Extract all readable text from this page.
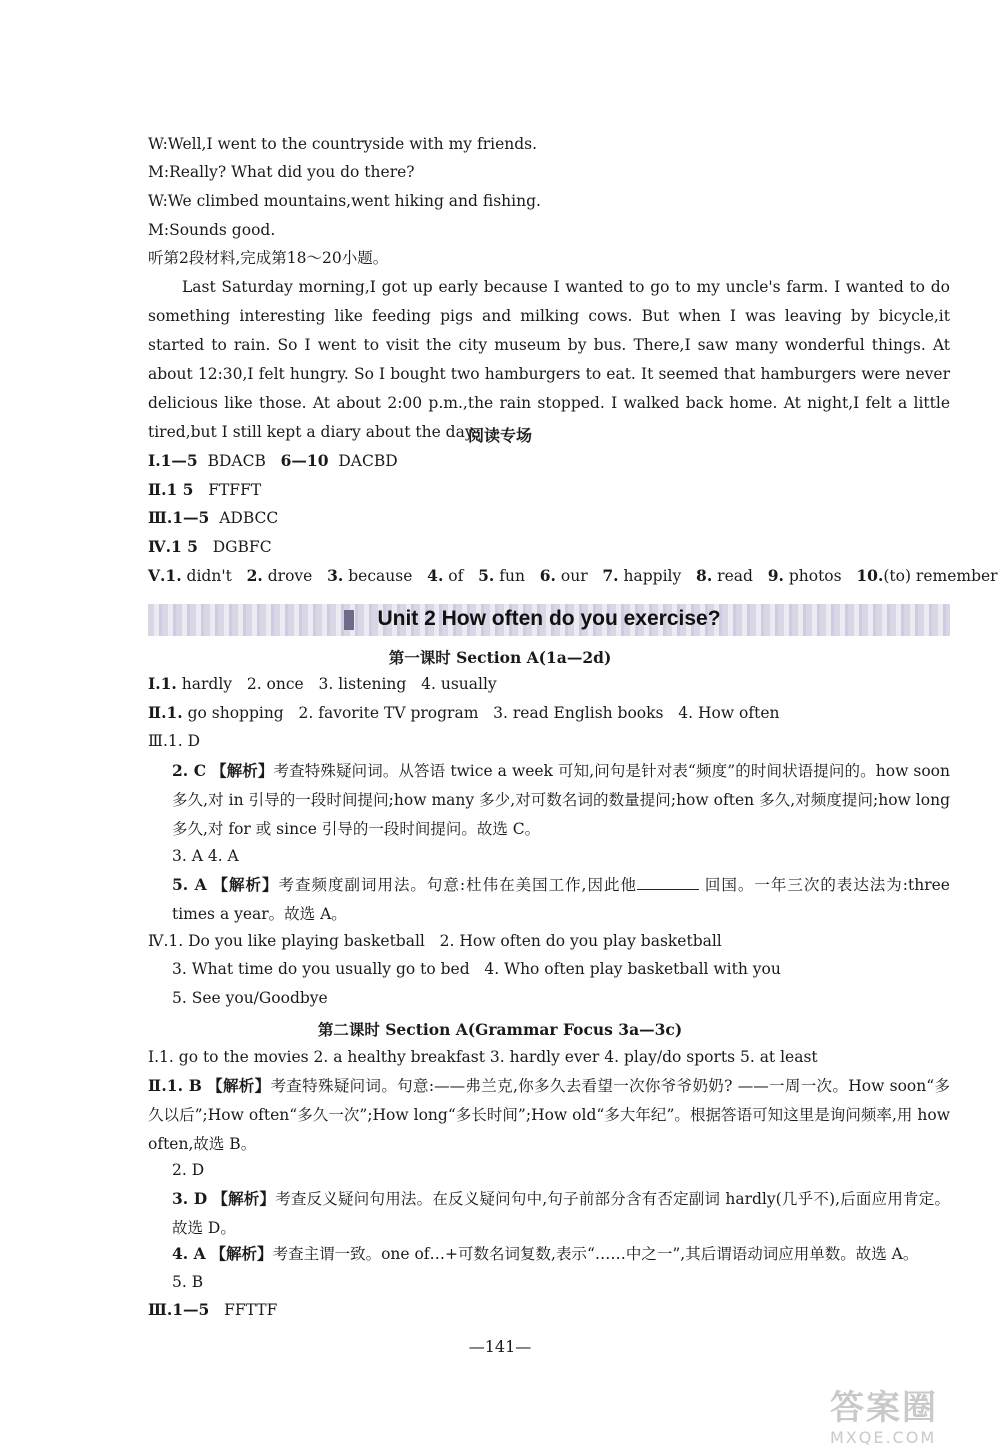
W:Well,I went to the countryside with my friends.
M:Really? What did you do there?
W:We climbed mountains,went hiking and fishing.
M:Sounds good.
听第2段材料,完成第18～20小题。
Last Saturday morning,I got up early because I wanted to go to my uncle's farm. I wanted to do something interesting like feeding pigs and milking cows. But when I was leaving by bicycle,it started to rain. So I went to visit the city museum by bus. There,I saw many wonderful things. At about 12:30,I felt hungry. So I bought two hamburgers to eat. It seemed that hamburgers were never delicious like those. At about 2:00 p.m.,the rain stopped. I walked back home. At night,I felt a little tired,but I still kept a diary about the day.
阅读专场
Ⅰ.1—5 BDACB 6—10 DACBD
Ⅱ.1 5 FTFFT
Ⅲ.1—5 ADBCC
Ⅳ.1 5 DGBFC
Ⅴ.1. didn't 2. drove 3. because 4. of 5. fun 6. our 7. happily 8. read 9. photos 10.(to) remember
Unit 2 How often do you exercise?
第一课时 Section A(1a—2d)
Ⅰ.1. hardly 2. once 3. listening 4. usually
Ⅱ.1. go shopping 2. favorite TV program 3. read English books 4. How often
Ⅲ.1. D
2. C 【解析】考查特殊疑问词。从答语 twice a week 可知,问句是针对表“频度”的时间状语提问的。how soon 多久,对 in 引导的一段时间提问;how many 多少,对可数名词的数量提问;how often 多久,对频度提问;how long 多久,对 for 或 since 引导的一段时间提问。故选 C。
3. A 4. A
5. A 【解析】考查频度副词用法。句意:杜伟在美国工作,因此他	回国。一年三次的表达法为:three times a year。故选 A。
Ⅳ.1. Do you like playing basketball 2. How often do you play basketball
3. What time do you usually go to bed 4. Who often play basketball with you
5. See you/Goodbye
第二课时 Section A(Grammar Focus 3a—3c)
Ⅰ.1. go to the movies 2. a healthy breakfast 3. hardly ever 4. play/do sports 5. at least
Ⅱ.1. B 【解析】考查特殊疑问词。句意:——弗兰克,你多久去看望一次你爷爷奶奶? ——一周一次。How soon“多久以后”;How often“多久一次”;How long“多长时间”;How old“多大年纪”。根据答语可知这里是询问频率,用 how often,故选 B。
2. D
3. D 【解析】考查反义疑问句用法。在反义疑问句中,句子前部分含有否定副词 hardly(几乎不),后面应用肯定。故选 D。
4. A 【解析】考查主谓一致。one of…+可数名词复数,表示“……中之一”,其后谓语动词应用单数。故选 A。
5. B
Ⅲ.1—5 FFTTF
—141—
答案圈
MXQE.COM
